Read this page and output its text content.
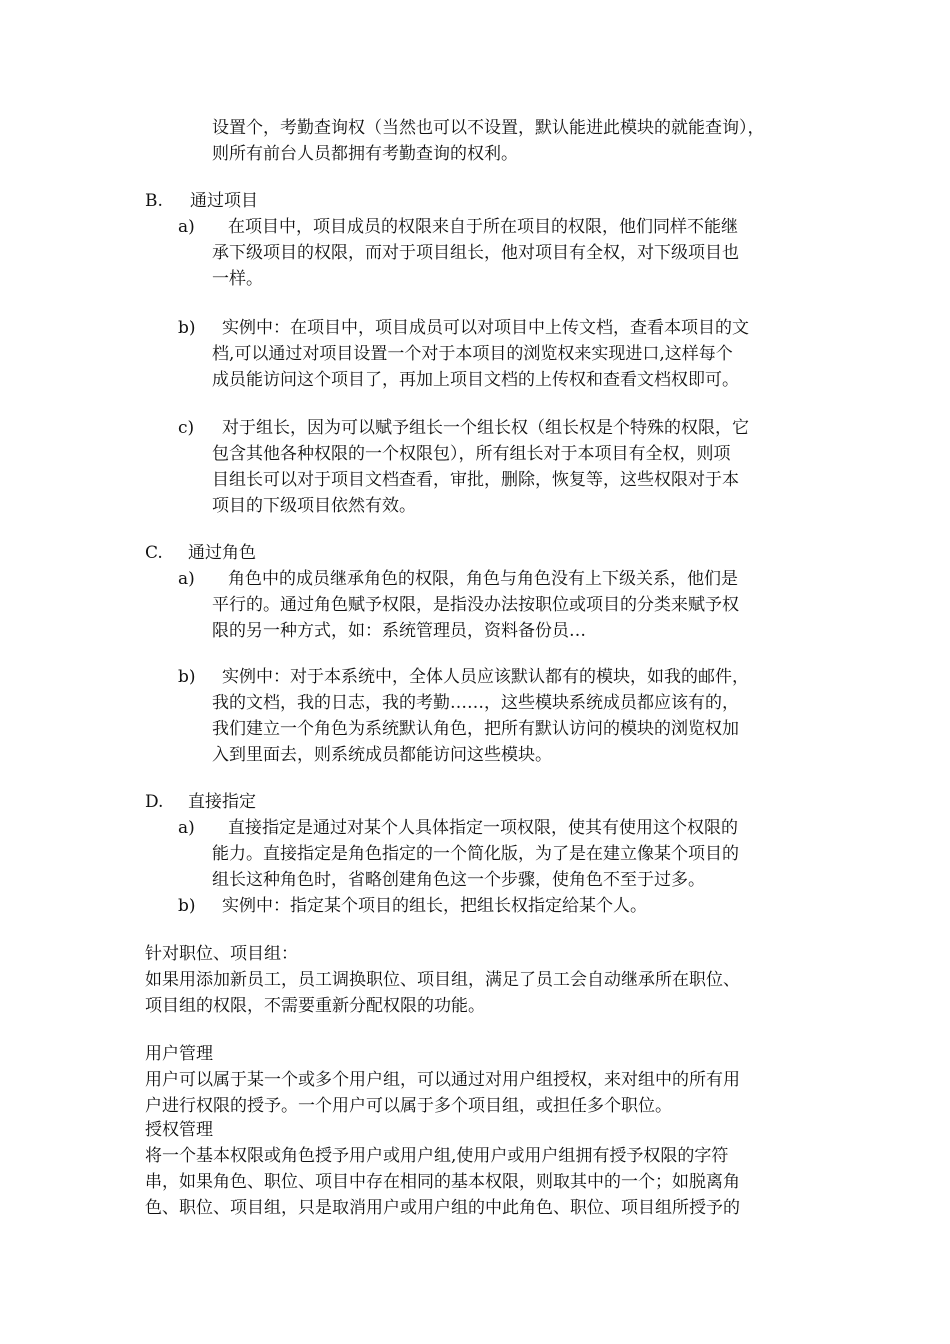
设置个，考勤查询权（当然也可以不设置，默认能进此模块的就能查询），
则所有前台人员都拥有考勤查询的权利。
B. 通过项目
a) 在项目中，项目成员的权限来自于所在项目的权限，他们同样不能继
承下级项目的权限，而对于项目组长，他对项目有全权，对下级项目也
一样。
b) 实例中：在项目中，项目成员可以对项目中上传文档，查看本项目的文
档,可以通过对项目设置一个对于本项目的浏览权来实现进口,这样每个
成员能访问这个项目了，再加上项目文档的上传权和查看文档权即可。
c) 对于组长，因为可以赋予组长一个组长权（组长权是个特殊的权限，它
包含其他各种权限的一个权限包），所有组长对于本项目有全权，则项
目组长可以对于项目文档查看，审批，删除，恢复等，这些权限对于本
项目的下级项目依然有效。
C. 通过角色
a) 角色中的成员继承角色的权限，角色与角色没有上下级关系，他们是
平行的。通过角色赋予权限，是指没办法按职位或项目的分类来赋予权
限的另一种方式，如：系统管理员，资料备份员…
b) 实例中：对于本系统中，全体人员应该默认都有的模块，如我的邮件，
我的文档，我的日志，我的考勤……，这些模块系统成员都应该有的，
我们建立一个角色为系统默认角色，把所有默认访问的模块的浏览权加
入到里面去，则系统成员都能访问这些模块。
D. 直接指定
a) 直接指定是通过对某个人具体指定一项权限，使其有使用这个权限的
能力。直接指定是角色指定的一个简化版，为了是在建立像某个项目的
组长这种角色时，省略创建角色这一个步骤，使角色不至于过多。
b) 实例中：指定某个项目的组长，把组长权指定给某个人。
针对职位、项目组：
如果用添加新员工，员工调换职位、项目组，满足了员工会自动继承所在职位、
项目组的权限，不需要重新分配权限的功能。
用户管理
用户可以属于某一个或多个用户组，可以通过对用户组授权，来对组中的所有用
户进行权限的授予。一个用户可以属于多个项目组，或担任多个职位。
授权管理
将一个基本权限或角色授予用户或用户组,使用户或用户组拥有授予权限的字符
串，如果角色、职位、项目中存在相同的基本权限，则取其中的一个；如脱离角
色、职位、项目组，只是取消用户或用户组的中此角色、职位、项目组所授予的
